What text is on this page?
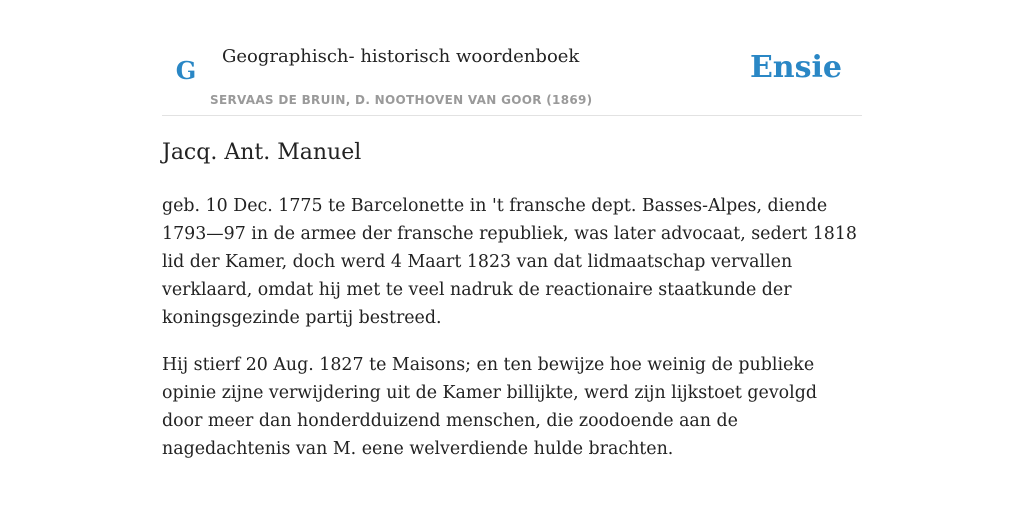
G	Geographisch- historisch woordenboek
SERVAAS DE BRUIN, D. NOOTHOVEN VAN GOOR (1869)
Ensie
Jacq. Ant. Manuel

geb. 10 Dec. 1775 te Barcelonette in 't fransche dept. Basses-Alpes, diende 1793—97 in de armee der fransche republiek, was later advocaat, sedert 1818 lid der Kamer, doch werd 4 Maart 1823 van dat lidmaatschap vervallen verklaard, omdat hij met te veel nadruk de reactionaire staatkunde der koningsgezinde partij bestreed.

Hij stierf 20 Aug. 1827 te Maisons; en ten bewijze hoe weinig de publieke opinie zijne verwijdering uit de Kamer billijkte, werd zijn lijkstoet gevolgd door meer dan honderdduizend menschen, die zoodoende aan de nagedachtenis van M. eene welverdiende hulde brachten.
